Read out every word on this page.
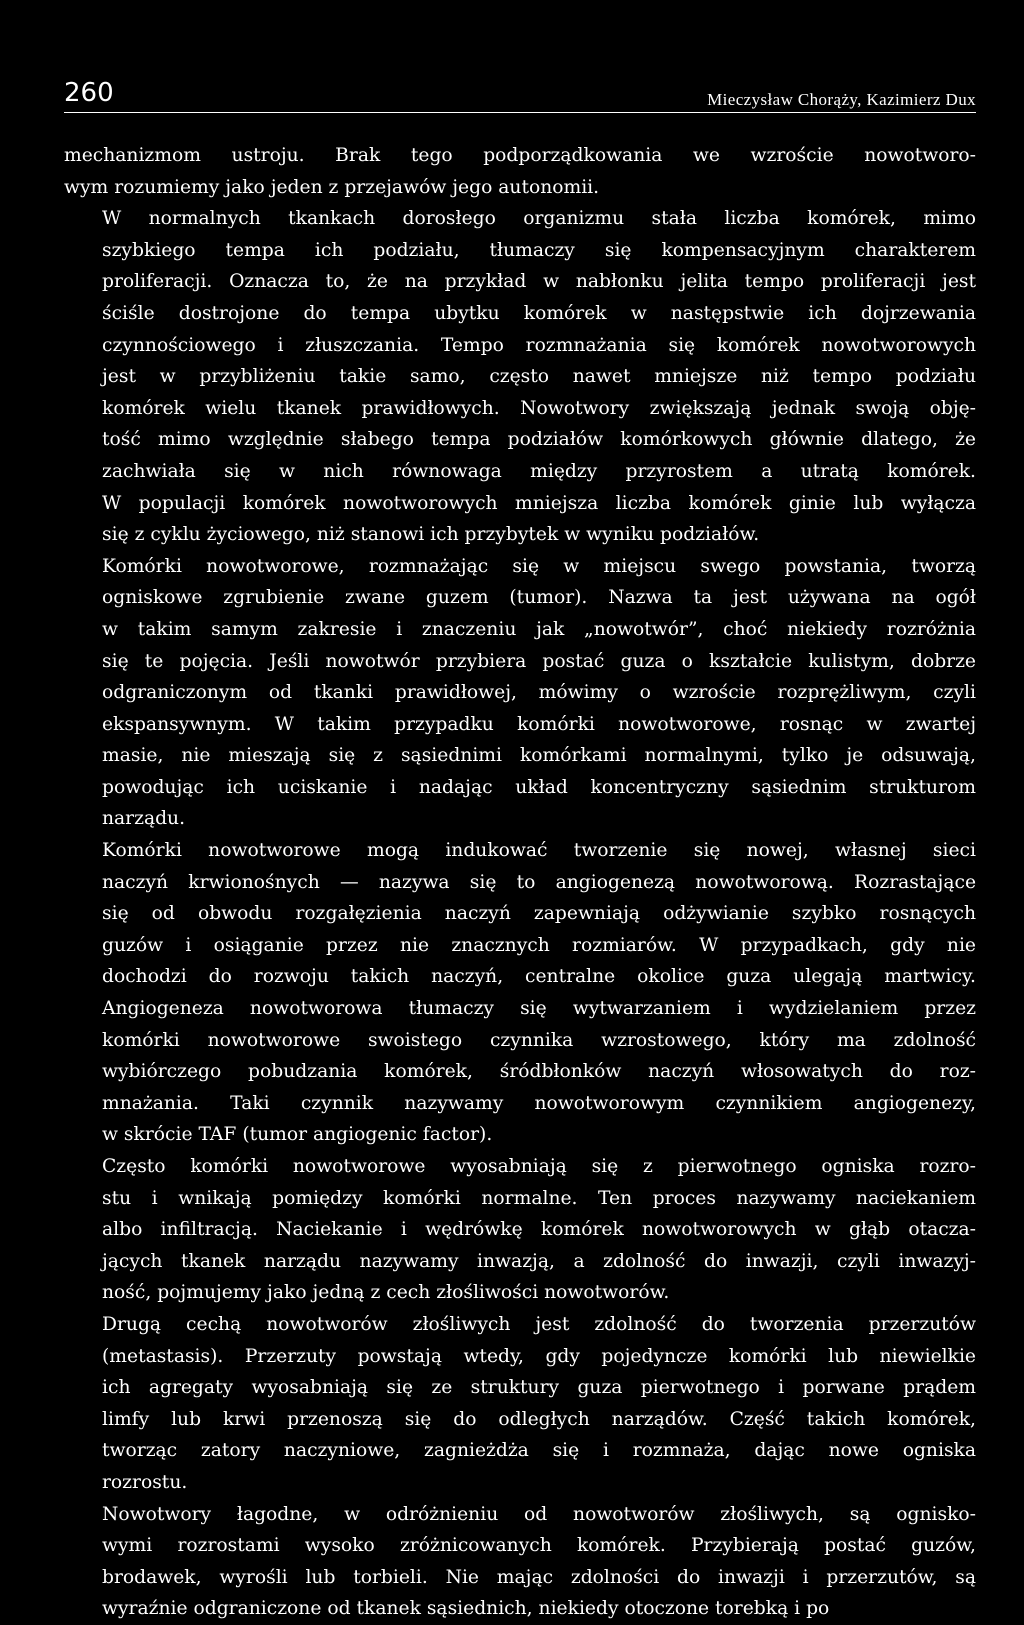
260	Mieczysław Chorąży, Kazimierz Dux

mechanizmom ustroju. Brak tego podporządkowania we wzroście nowotworo-
wym rozumiemy jako jeden z przejawów jego autonomii.

W normalnych tkankach dorosłego organizmu stała liczba komórek, mimo
szybkiego tempa ich podziału, tłumaczy się kompensacyjnym charakterem
proliferacji. Oznacza to, że na przykład w nabłonku jelita tempo proliferacji jest
ściśle dostrojone do tempa ubytku komórek w następstwie ich dojrzewania
czynnościowego i złuszczania. Tempo rozmnażania się komórek nowotworowych
jest w przybliżeniu takie samo, często nawet mniejsze niż tempo podziału
komórek wielu tkanek prawidłowych. Nowotwory zwiększają jednak swoją obję-
tość mimo względnie słabego tempa podziałów komórkowych głównie dlatego, że
zachwiała się w nich równowaga między przyrostem a utratą komórek.
W populacji komórek nowotworowych mniejsza liczba komórek ginie lub wyłącza
się z cyklu życiowego, niż stanowi ich przybytek w wyniku podziałów.

Komórki nowotworowe, rozmnażając się w miejscu swego powstania, tworzą
ogniskowe zgrubienie zwane guzem (tumor). Nazwa ta jest używana na ogół
w takim samym zakresie i znaczeniu jak „nowotwór”, choć niekiedy rozróżnia
się te pojęcia. Jeśli nowotwór przybiera postać guza o kształcie kulistym, dobrze
odgraniczonym od tkanki prawidłowej, mówimy o wzroście rozprężliwym, czyli
ekspansywnym. W takim przypadku komórki nowotworowe, rosnąc w zwartej
masie, nie mieszają się z sąsiednimi komórkami normalnymi, tylko je odsuwają,
powodując ich uciskanie i nadając układ koncentryczny sąsiednim strukturom
narządu.

Komórki nowotworowe mogą indukować tworzenie się nowej, własnej sieci
naczyń krwionośnych — nazywa się to angiogenezą nowotworową. Rozrastające
się od obwodu rozgałęzienia naczyń zapewniają odżywianie szybko rosnących
guzów i osiąganie przez nie znacznych rozmiarów. W przypadkach, gdy nie
dochodzi do rozwoju takich naczyń, centralne okolice guza ulegają martwicy.
Angiogeneza nowotworowa tłumaczy się wytwarzaniem i wydzielaniem przez
komórki nowotworowe swoistego czynnika wzrostowego, który ma zdolność
wybiórczego pobudzania komórek, śródbłonków naczyń włosowatych do roz-
mnażania. Taki czynnik nazywamy nowotworowym czynnikiem angiogenezy,
w skrócie TAF (tumor angiogenic factor).

Często komórki nowotworowe wyosabniają się z pierwotnego ogniska rozro-
stu i wnikają pomiędzy komórki normalne. Ten proces nazywamy naciekaniem
albo infiltracją. Naciekanie i wędrówkę komórek nowotworowych w głąb otacza-
jących tkanek narządu nazywamy inwazją, a zdolność do inwazji, czyli inwazyj-
ność, pojmujemy jako jedną z cech złośliwości nowotworów.

Drugą cechą nowotworów złośliwych jest zdolność do tworzenia przerzutów
(metastasis). Przerzuty powstają wtedy, gdy pojedyncze komórki lub niewielkie
ich agregaty wyosabniają się ze struktury guza pierwotnego i porwane prądem
limfy lub krwi przenoszą się do odległych narządów. Część takich komórek,
tworząc zatory naczyniowe, zagnieżdża się i rozmnaża, dając nowe ogniska
rozrostu.

Nowotwory łagodne, w odróżnieniu od nowotworów złośliwych, są ognisko-
wymi rozrostami wysoko zróżnicowanych komórek. Przybierają postać guzów,
brodawek, wyrośli lub torbieli. Nie mając zdolności do inwazji i przerzutów, są
wyraźnie odgraniczone od tkanek sąsiednich, niekiedy otoczone torebką i po
